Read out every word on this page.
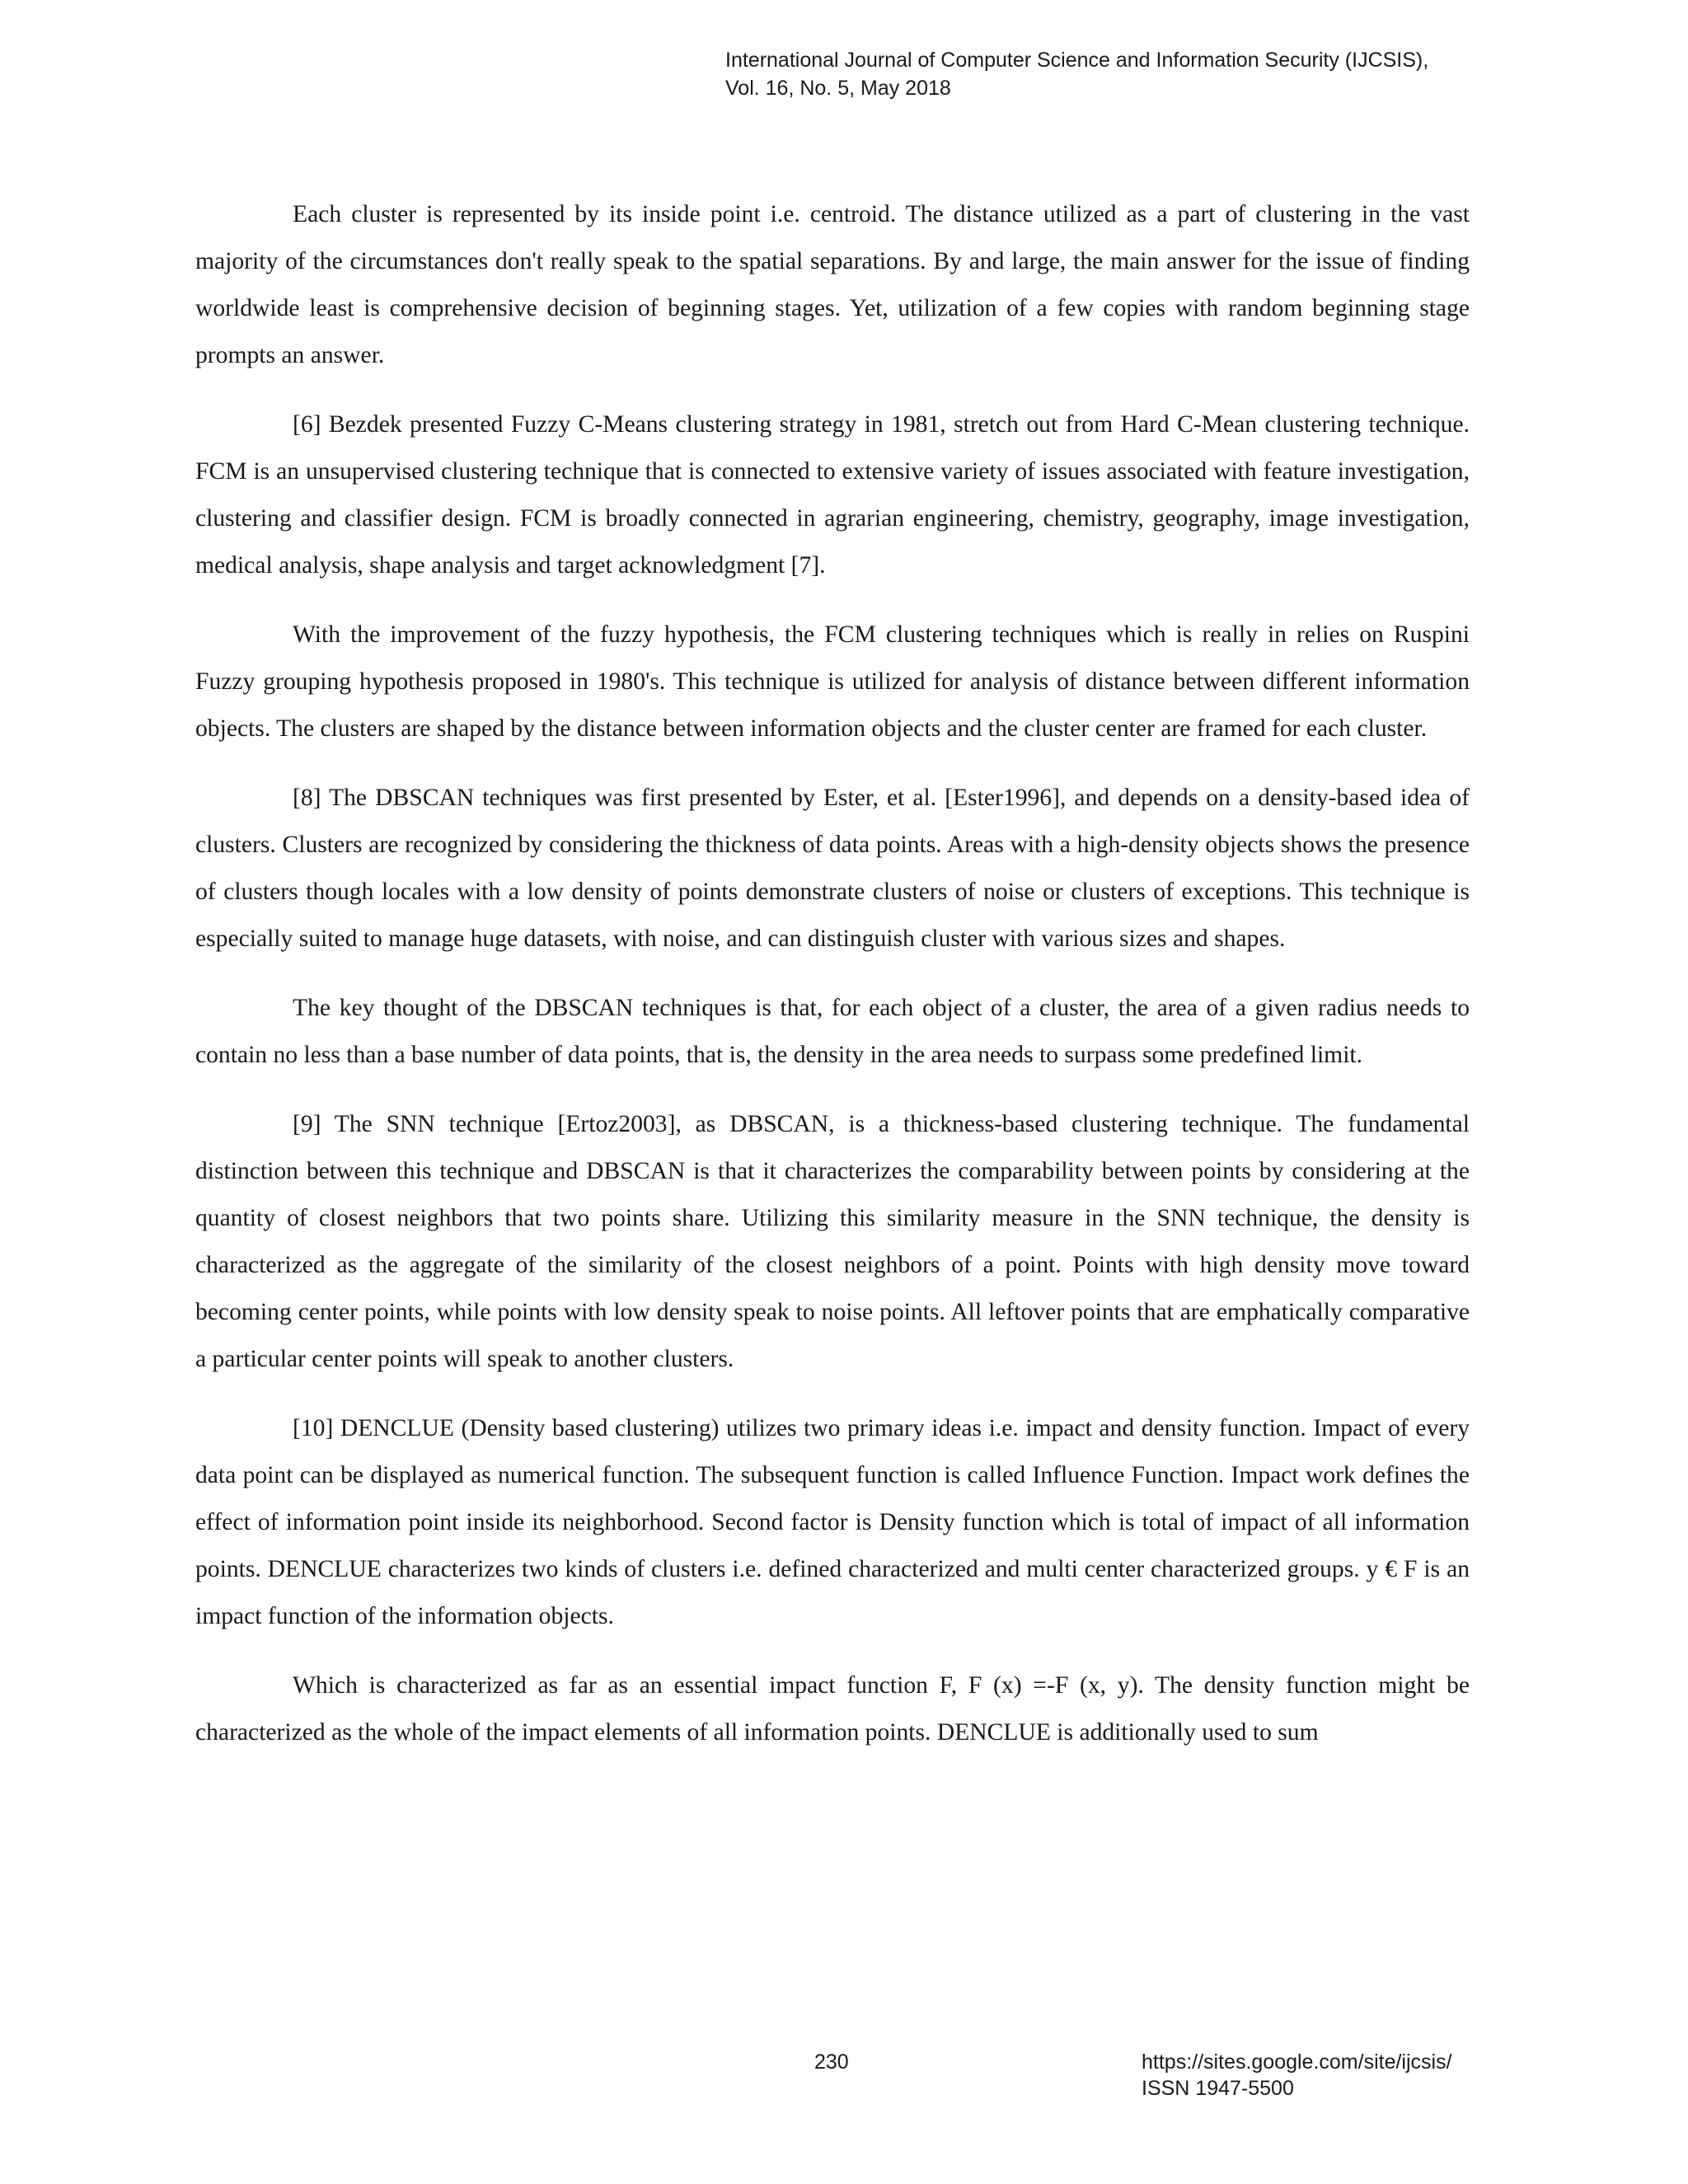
International Journal of Computer Science and Information Security (IJCSIS),
Vol. 16, No. 5, May 2018

Each cluster is represented by its inside point i.e. centroid. The distance utilized as a part of clustering in the vast majority of the circumstances don't really speak to the spatial separations. By and large, the main answer for the issue of finding worldwide least is comprehensive decision of beginning stages. Yet, utilization of a few copies with random beginning stage prompts an answer.

[6] Bezdek presented Fuzzy C-Means clustering strategy in 1981, stretch out from Hard C-Mean clustering technique. FCM is an unsupervised clustering technique that is connected to extensive variety of issues associated with feature investigation, clustering and classifier design. FCM is broadly connected in agrarian engineering, chemistry, geography, image investigation, medical analysis, shape analysis and target acknowledgment [7].

With the improvement of the fuzzy hypothesis, the FCM clustering techniques which is really in relies on Ruspini Fuzzy grouping hypothesis proposed in 1980's. This technique is utilized for analysis of distance between different information objects. The clusters are shaped by the distance between information objects and the cluster center are framed for each cluster.

[8] The DBSCAN techniques was first presented by Ester, et al. [Ester1996], and depends on a density-based idea of clusters. Clusters are recognized by considering the thickness of data points. Areas with a high-density objects shows the presence of clusters though locales with a low density of points demonstrate clusters of noise or clusters of exceptions. This technique is especially suited to manage huge datasets, with noise, and can distinguish cluster with various sizes and shapes.

The key thought of the DBSCAN techniques is that, for each object of a cluster, the area of a given radius needs to contain no less than a base number of data points, that is, the density in the area needs to surpass some predefined limit.

[9] The SNN technique [Ertoz2003], as DBSCAN, is a thickness-based clustering technique. The fundamental distinction between this technique and DBSCAN is that it characterizes the comparability between points by considering at the quantity of closest neighbors that two points share. Utilizing this similarity measure in the SNN technique, the density is characterized as the aggregate of the similarity of the closest neighbors of a point. Points with high density move toward becoming center points, while points with low density speak to noise points. All leftover points that are emphatically comparative a particular center points will speak to another clusters.

[10] DENCLUE (Density based clustering) utilizes two primary ideas i.e. impact and density function. Impact of every data point can be displayed as numerical function. The subsequent function is called Influence Function. Impact work defines the effect of information point inside its neighborhood. Second factor is Density function which is total of impact of all information points. DENCLUE characterizes two kinds of clusters i.e. defined characterized and multi center characterized groups. y € F is an impact function of the information objects.

Which is characterized as far as an essential impact function F, F (x) =-F (x, y). The density function might be characterized as the whole of the impact elements of all information points. DENCLUE is additionally used to sum

230	https://sites.google.com/site/ijcsis/
ISSN 1947-5500
